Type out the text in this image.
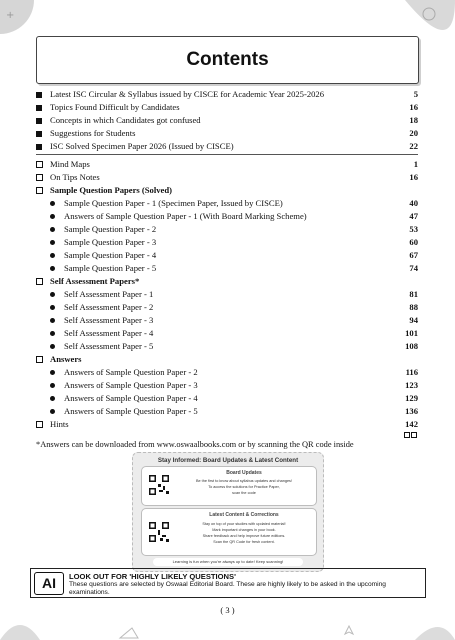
+
Contents
Latest ISC Circular & Syllabus issued by CISCE for Academic Year 2025-2026	5
Topics Found Difficult by Candidates	16
Concepts in which Candidates got confused	18
Suggestions for Students	20
ISC Solved Specimen Paper 2026 (Issued by CISCE)	22
Mind Maps	1
On Tips Notes	16
Sample Question Papers (Solved)
Sample Question Paper - 1 (Specimen Paper, Issued by CISCE)	40
Answers of Sample Question Paper - 1 (With Board Marking Scheme)	47
Sample Question Paper - 2	53
Sample Question Paper - 3	60
Sample Question Paper - 4	67
Sample Question Paper - 5	74
Self Assessment Papers*
Self Assessment Paper - 1	81
Self Assessment Paper - 2	88
Self Assessment Paper - 3	94
Self Assessment Paper - 4	101
Self Assessment Paper - 5	108
Answers
Answers of Sample Question Paper - 2	116
Answers of Sample Question Paper - 3	123
Answers of Sample Question Paper - 4	129
Answers of Sample Question Paper - 5	136
Hints	142
*Answers can be downloaded from www.oswaalbooks.com or by scanning the QR code inside
Stay Informed: Board Updates & Latest Content
Board Updates
Be the first to know about syllabus updates and changes!
To access the solutions for Practice Paper,
scan the code
Latest Content & Corrections
Stay on top of your studies with updated material!
Mark important changes in your book.
Share feedback and help improve future editions.
Scan the QR Code for fresh content.
Learning is fun when you're always up to date! Keep scanning!
AI	LOOK OUT FOR 'HIGHLY LIKELY QUESTIONS'
These questions are selected by Oswaal Editorial Board. These are highly likely to be asked in the upcoming examinations.
( 3 )
